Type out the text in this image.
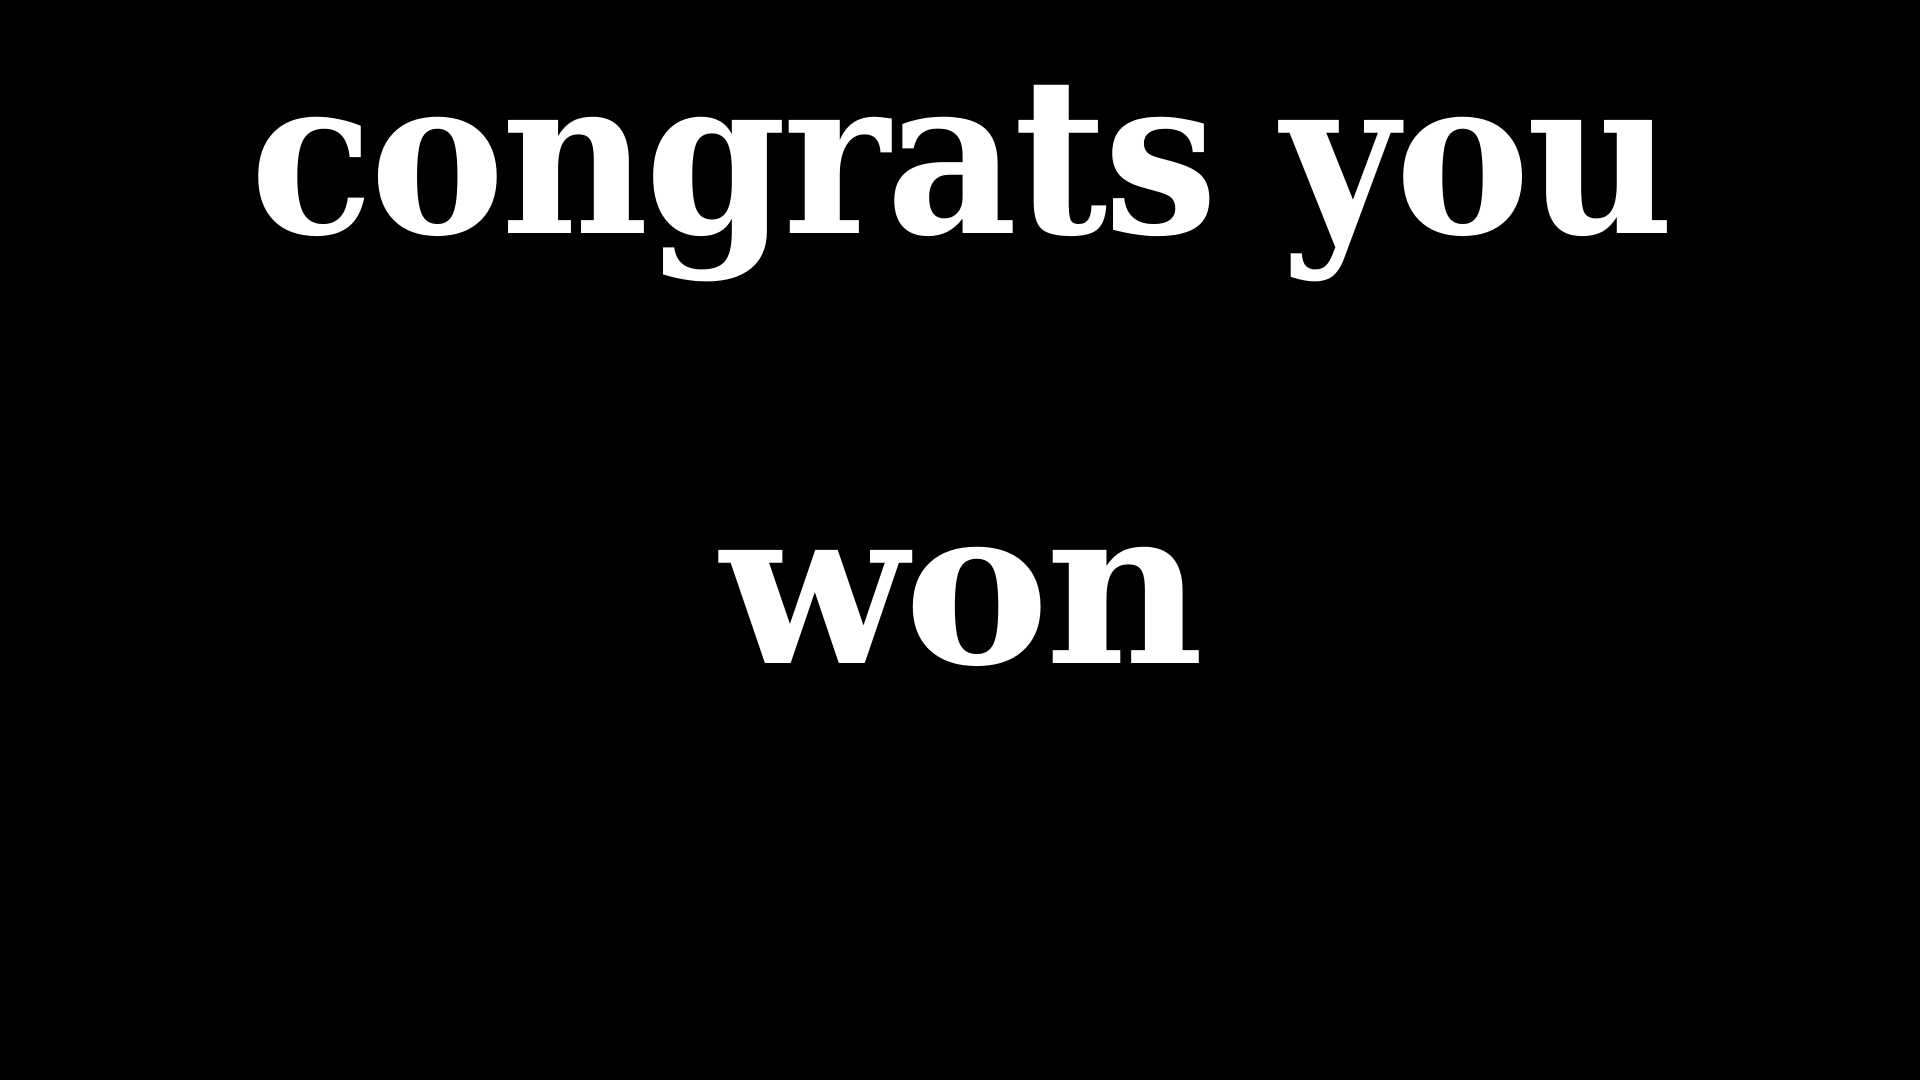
congrats you
won
